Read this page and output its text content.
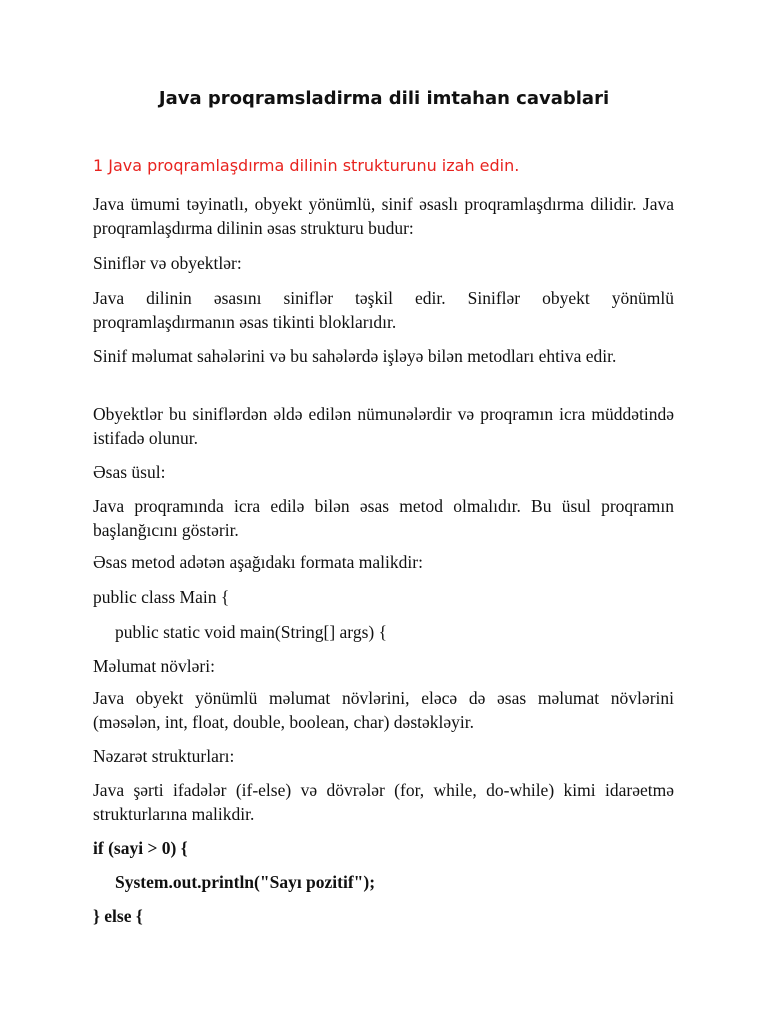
Java proqramsladirma dili imtahan cavablari

1 Java proqramlaşdırma dilinin strukturunu izah edin.

Java ümumi təyinatlı, obyekt yönümlü, sinif əsaslı proqramlaşdırma dilidir. Java proqramlaşdırma dilinin əsas strukturu budur:

Siniflər və obyektlər:

Java dilinin əsasını siniflər təşkil edir. Siniflər obyekt yönümlü proqramlaşdırmanın əsas tikinti bloklarıdır.

Sinif məlumat sahələrini və bu sahələrdə işləyə bilən metodları ehtiva edir.

Obyektlər bu siniflərdən əldə edilən nümunələrdir və proqramın icra müddətində istifadə olunur.

Əsas üsul:

Java proqramında icra edilə bilən əsas metod olmalıdır. Bu üsul proqramın başlanğıcını göstərir.

Əsas metod adətən aşağıdakı formata malikdir:

public class Main {

public static void main(String[] args) {

Məlumat növləri:

Java obyekt yönümlü məlumat növlərini, eləcə də əsas məlumat növlərini (məsələn, int, float, double, boolean, char) dəstəkləyir.

Nəzarət strukturları:

Java şərti ifadələr (if-else) və dövrələr (for, while, do-while) kimi idarəetmə strukturlarına malikdir.

if (sayi > 0) {

System.out.println("Sayı pozitif");

} else {
